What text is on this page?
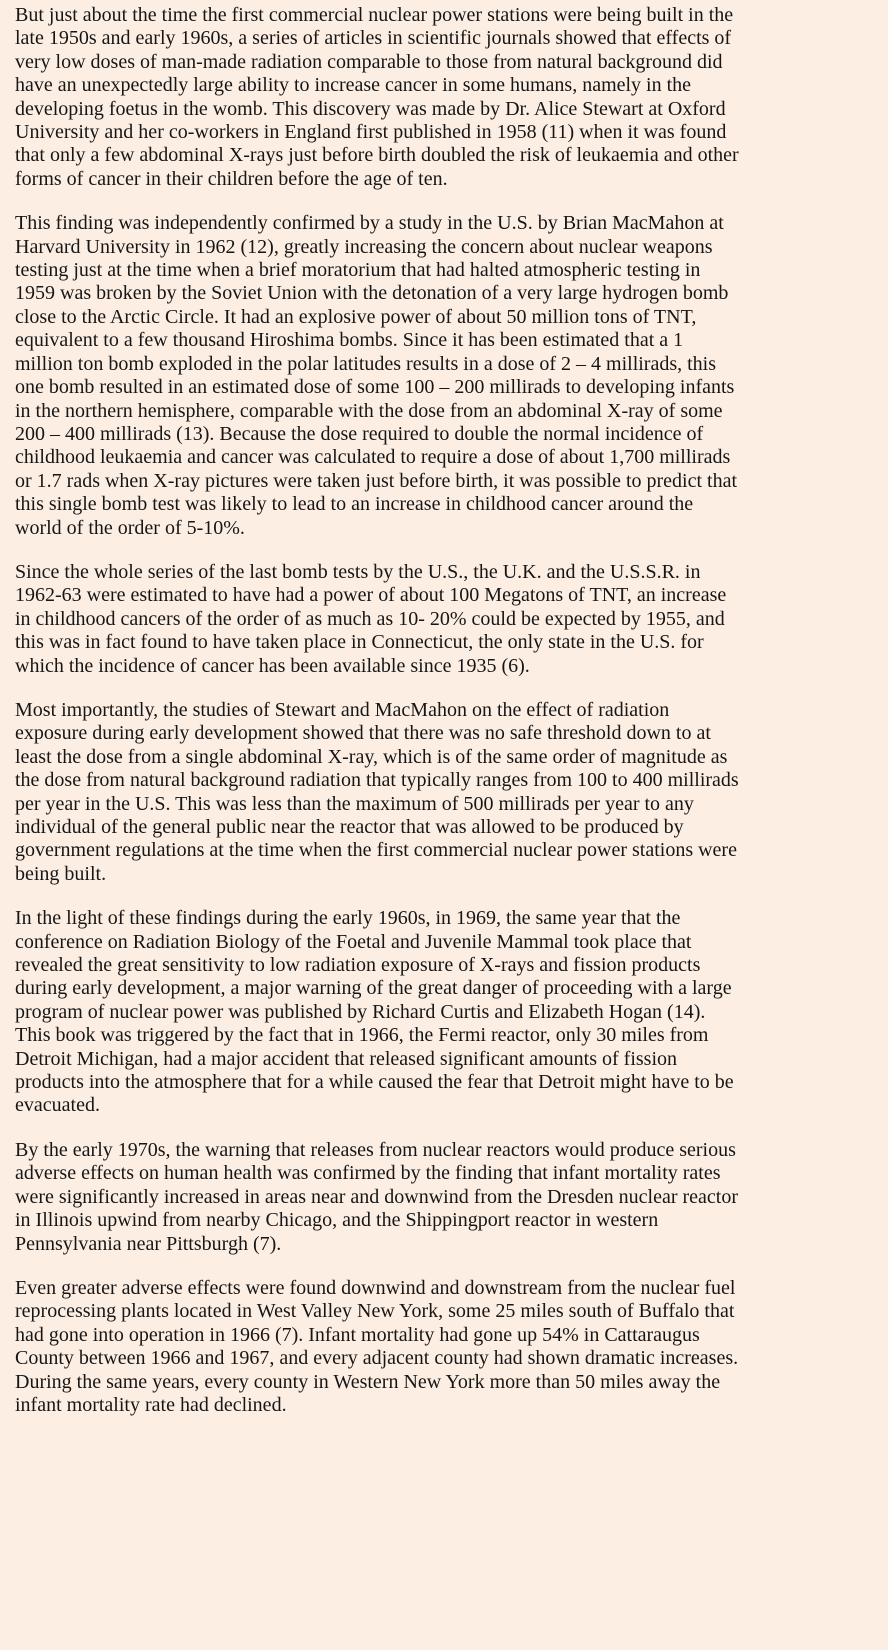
But just about the time the first commercial nuclear power stations were being built in the
late 1950s and early 1960s, a series of articles in scientific journals showed that effects of
very low doses of man-made radiation comparable to those from natural background did
have an unexpectedly large ability to increase cancer in some humans, namely in the
developing foetus in the womb. This discovery was made by Dr. Alice Stewart at Oxford
University and her co-workers in England first published in 1958 (11) when it was found
that only a few abdominal X-rays just before birth doubled the risk of leukaemia and other
forms of cancer in their children before the age of ten.

This finding was independently confirmed by a study in the U.S. by Brian MacMahon at
Harvard University in 1962 (12), greatly increasing the concern about nuclear weapons
testing just at the time when a brief moratorium that had halted atmospheric testing in
1959 was broken by the Soviet Union with the detonation of a very large hydrogen bomb
close to the Arctic Circle. It had an explosive power of about 50 million tons of TNT,
equivalent to a few thousand Hiroshima bombs. Since it has been estimated that a 1
million ton bomb exploded in the polar latitudes results in a dose of 2 – 4 millirads, this
one bomb resulted in an estimated dose of some 100 – 200 millirads to developing infants
in the northern hemisphere, comparable with the dose from an abdominal X-ray of some
200 – 400 millirads (13). Because the dose required to double the normal incidence of
childhood leukaemia and cancer was calculated to require a dose of about 1,700 millirads
or 1.7 rads when X-ray pictures were taken just before birth, it was possible to predict that
this single bomb test was likely to lead to an increase in childhood cancer around the
world of the order of 5-10%.

Since the whole series of the last bomb tests by the U.S., the U.K. and the U.S.S.R. in
1962-63 were estimated to have had a power of about 100 Megatons of TNT, an increase
in childhood cancers of the order of as much as 10- 20% could be expected by 1955, and
this was in fact found to have taken place in Connecticut, the only state in the U.S. for
which the incidence of cancer has been available since 1935 (6).

Most importantly, the studies of Stewart and MacMahon on the effect of radiation
exposure during early development showed that there was no safe threshold down to at
least the dose from a single abdominal X-ray, which is of the same order of magnitude as
the dose from natural background radiation that typically ranges from 100 to 400 millirads
per year in the U.S. This was less than the maximum of 500 millirads per year to any
individual of the general public near the reactor that was allowed to be produced by
government regulations at the time when the first commercial nuclear power stations were
being built.

In the light of these findings during the early 1960s, in 1969, the same year that the
conference on Radiation Biology of the Foetal and Juvenile Mammal took place that
revealed the great sensitivity to low radiation exposure of X-rays and fission products
during early development, a major warning of the great danger of proceeding with a large
program of nuclear power was published by Richard Curtis and Elizabeth Hogan (14).
This book was triggered by the fact that in 1966, the Fermi reactor, only 30 miles from
Detroit Michigan, had a major accident that released significant amounts of fission
products into the atmosphere that for a while caused the fear that Detroit might have to be
evacuated.

By the early 1970s, the warning that releases from nuclear reactors would produce serious
adverse effects on human health was confirmed by the finding that infant mortality rates
were significantly increased in areas near and downwind from the Dresden nuclear reactor
in Illinois upwind from nearby Chicago, and the Shippingport reactor in western
Pennsylvania near Pittsburgh (7).

Even greater adverse effects were found downwind and downstream from the nuclear fuel
reprocessing plants located in West Valley New York, some 25 miles south of Buffalo that
had gone into operation in 1966 (7). Infant mortality had gone up 54% in Cattaraugus
County between 1966 and 1967, and every adjacent county had shown dramatic increases.
During the same years, every county in Western New York more than 50 miles away the
infant mortality rate had declined.
